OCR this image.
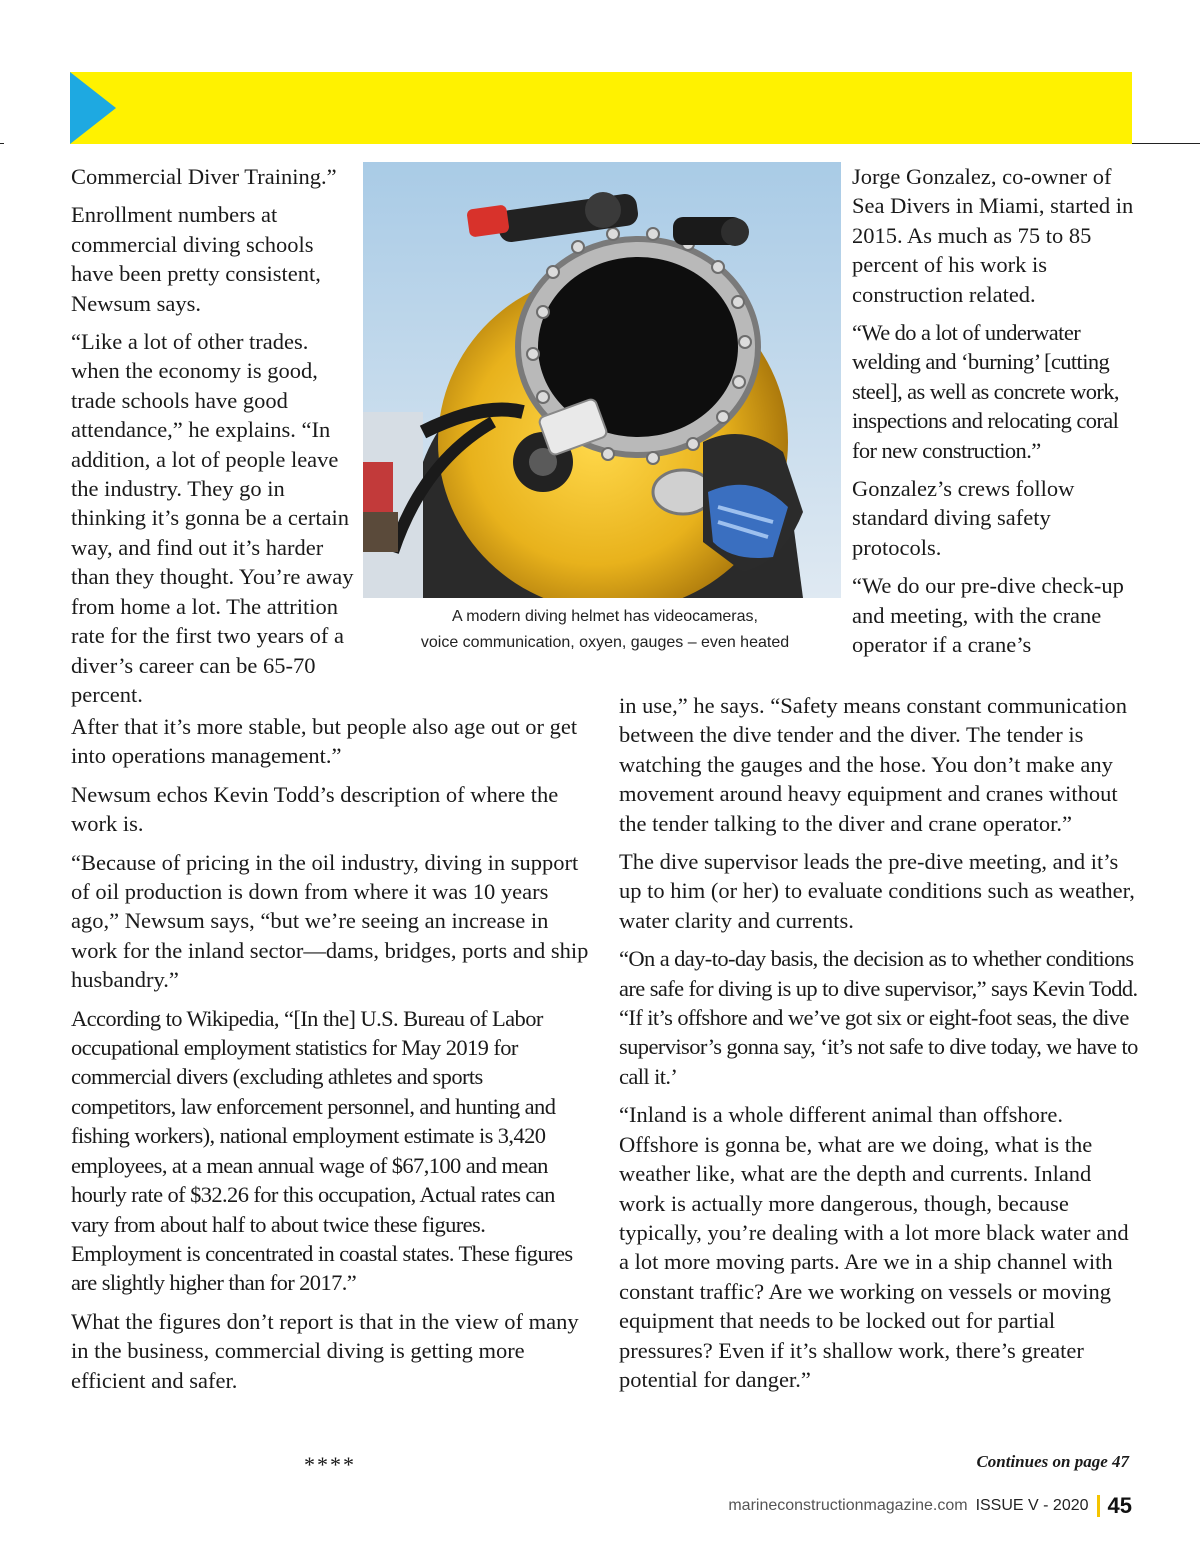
Commercial Diver Training.”

Enrollment numbers at commercial diving schools have been pretty consistent, Newsum says.

“Like a lot of other trades. when the economy is good, trade schools have good attendance,” he explains. “In addition, a lot of people leave the industry. They go in thinking it’s gonna be a certain way, and find out it’s harder than they thought. You’re away from home a lot. The attrition rate for the first two years of a diver’s career can be 65-70 percent.

A modern diving helmet has videocameras,
voice communication, oxyen, gauges – even heated

Jorge Gonzalez, co-owner of Sea Divers in Miami, started in 2015. As much as 75 to 85 percent of his work is construction related.

“We do a lot of underwater welding and ‘burning’ [cutting steel], as well as concrete work, inspections and relocating coral for new construction.”

Gonzalez’s crews follow standard diving safety protocols.

“We do our pre-dive check-up and meeting, with the crane operator if a crane’s

After that it’s more stable, but people also age out or get into operations management.”

Newsum echos Kevin Todd’s description of where the work is.

“Because of pricing in the oil industry, diving in support of oil production is down from where it was 10 years ago,” Newsum says, “but we’re seeing an increase in work for the inland sector—dams, bridges, ports and ship husbandry.”

According to Wikipedia, “[In the] U.S. Bureau of Labor occupational employment statistics for May 2019 for commercial divers (excluding athletes and sports competitors, law enforcement personnel, and hunting and fishing workers), national employment estimate is 3,420 employees, at a mean annual wage of $67,100 and mean hourly rate of $32.26 for this occupation, Actual rates can vary from about half to about twice these figures. Employment is concentrated in coastal states. These figures are slightly higher than for 2017.”

What the figures don’t report is that in the view of many in the business, commercial diving is getting more efficient and safer.

in use,” he says. “Safety means constant communication between the dive tender and the diver. The tender is watching the gauges and the hose. You don’t make any movement around heavy equipment and cranes without the tender talking to the diver and crane operator.”

The dive supervisor leads the pre-dive meeting, and it’s up to him (or her) to evaluate conditions such as weather, water clarity and currents.

“On a day-to-day basis, the decision as to whether conditions are safe for diving is up to dive supervisor,” says Kevin Todd. “If it’s offshore and we’ve got six or eight-foot seas, the dive supervisor’s gonna say, ‘it’s not safe to dive today, we have to call it.’

“Inland is a whole different animal than offshore. Offshore is gonna be, what are we doing, what is the weather like, what are the depth and currents. Inland work is actually more dangerous, though, because typically, you’re dealing with a lot more black water and a lot more moving parts. Are we in a ship channel with constant traffic? Are we working on vessels or moving equipment that needs to be locked out for partial pressures? Even if it’s shallow work, there’s greater potential for danger.”

****	Continues on page 47
marineconstructionmagazine.com ISSUE V - 2020 45
